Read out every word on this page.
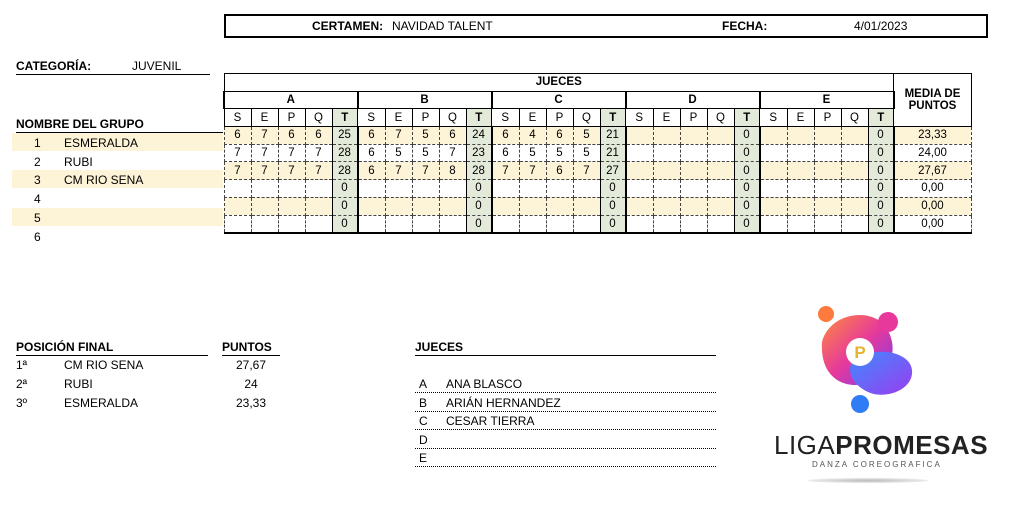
CERTAMEN: NAVIDAD TALENT	FECHA:	4/01/2023
CATEGORÍA:	JUVENIL
NOMBRE DEL GRUPO
1 ESMERALDA
2 RUBI
3 CM RIO SENA
4
5
6
JUECES																									MEDIA DE
PUNTOS

A					B					C					D					E					
S	E	P	Q	T	S	E	P	Q	T	S	E	P	Q	T	S	E	P	Q	T	S	E	P	Q	T	
6	7	6	6	25	6	7	5	6	24	6	4	6	5	21					0					0	23,33
7	7	7	7	28	6	5	5	7	23	6	5	5	5	21					0					0	24,00
7	7	7	7	28	6	7	7	8	28	7	7	6	7	27					0					0	27,67
				0					0					0					0					0	0,00
				0					0					0					0					0	0,00
				0					0					0					0					0	0,00
POSICIÓN FINAL	PUNTOS
1ª	CM RIO SENA	27,67
2ª	RUBI	24
3º	ESMERALDA	23,33
JUECES
A ANA BLASCO
B ARIÁN HERNANDEZ
C CESAR TIERRA
D
E
P
LIGAPROMESAS
DANZA COREOGRAFICA
